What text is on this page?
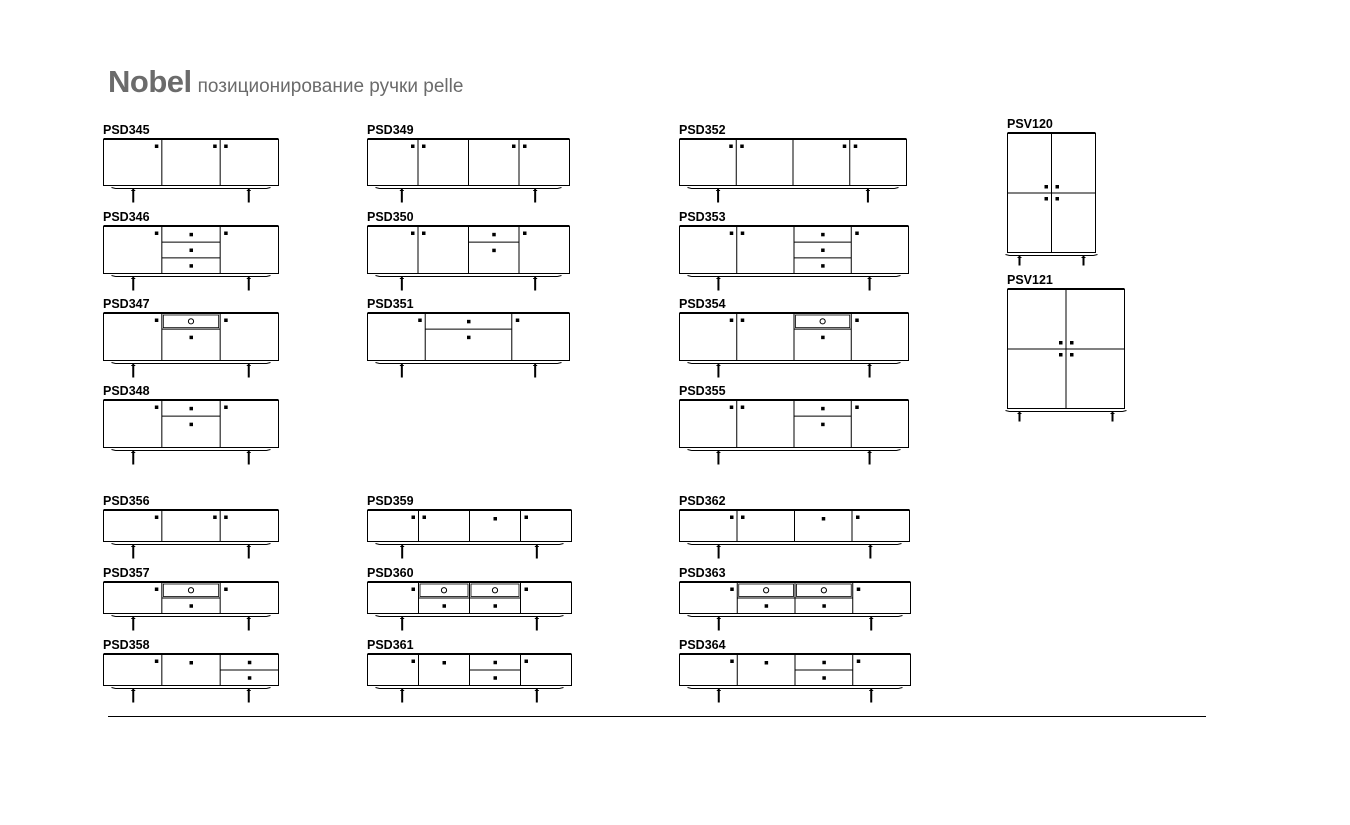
Nobel позиционирование ручки pelle
PSD345
PSD346
PSD347
PSD348
PSD349
PSD350
PSD351
PSD352
PSD353
PSD354
PSD355
PSD356
PSD357
PSD358
PSD359
PSD360
PSD361
PSD362
PSD363
PSD364
PSV120
PSV121
